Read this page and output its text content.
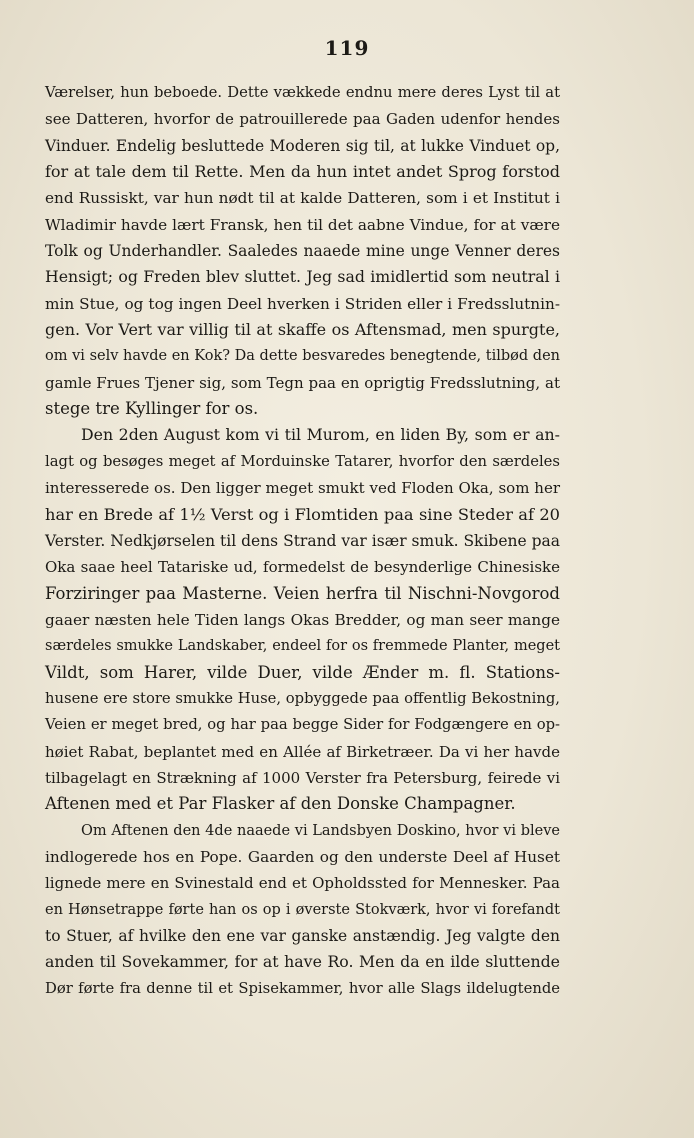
119
Værelser, hun beboede. Dette vækkede endnu mere deres Lyst til at
see Datteren, hvorfor de patrouillerede paa Gaden udenfor hendes
Vinduer. Endelig besluttede Moderen sig til, at lukke Vinduet op,
for at tale dem til Rette. Men da hun intet andet Sprog forstod
end Russiskt, var hun nødt til at kalde Datteren, som i et Institut i
Wladimir havde lært Fransk, hen til det aabne Vindue, for at være
Tolk og Underhandler. Saaledes naaede mine unge Venner deres
Hensigt; og Freden blev sluttet. Jeg sad imidlertid som neutral i
min Stue, og tog ingen Deel hverken i Striden eller i Fredsslutnin-
gen. Vor Vert var villig til at skaffe os Aftensmad, men spurgte,
om vi selv havde en Kok? Da dette besvaredes benegtende, tilbød den
gamle Frues Tjener sig, som Tegn paa en oprigtig Fredsslutning, at
stege tre Kyllinger for os.
Den 2den August kom vi til Murom, en liden By, som er an-
lagt og besøges meget af Morduinske Tatarer, hvorfor den særdeles
interesserede os. Den ligger meget smukt ved Floden Oka, som her
har en Brede af 1½ Verst og i Flomtiden paa sine Steder af 20
Verster. Nedkjørselen til dens Strand var især smuk. Skibene paa
Oka saae heel Tatariske ud, formedelst de besynderlige Chinesiske
Forziringer paa Masterne. Veien herfra til Nischni-Novgorod
gaaer næsten hele Tiden langs Okas Bredder, og man seer mange
særdeles smukke Landskaber, endeel for os fremmede Planter, meget
Vildt, som Harer, vilde Duer, vilde Ænder m. fl. Stations-
husene ere store smukke Huse, opbyggede paa offentlig Bekostning,
Veien er meget bred, og har paa begge Sider for Fodgængere en op-
høiet Rabat, beplantet med en Allée af Birketræer. Da vi her havde
tilbagelagt en Strækning af 1000 Verster fra Petersburg, feirede vi
Aftenen med et Par Flasker af den Donske Champagner.
Om Aftenen den 4de naaede vi Landsbyen Doskino, hvor vi bleve
indlogerede hos en Pope. Gaarden og den underste Deel af Huset
lignede mere en Svinestald end et Opholdssted for Mennesker. Paa
en Hønsetrappe førte han os op i øverste Stokværk, hvor vi forefandt
to Stuer, af hvilke den ene var ganske anstændig. Jeg valgte den
anden til Sovekammer, for at have Ro. Men da en ilde sluttende
Dør førte fra denne til et Spisekammer, hvor alle Slags ildelugtende
